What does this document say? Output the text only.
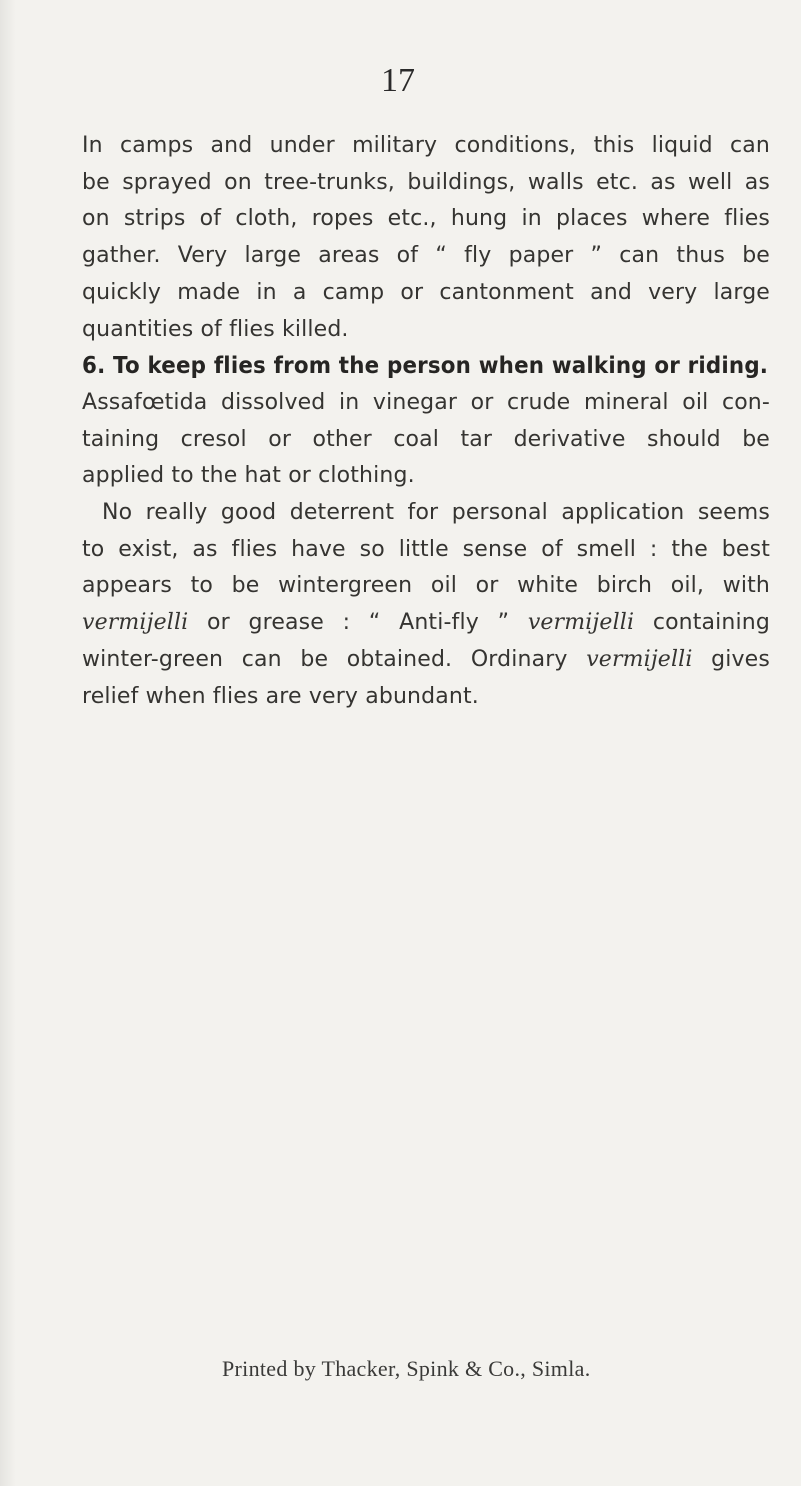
17
In camps and under military conditions, this liquid can
be sprayed on tree-trunks, buildings, walls etc. as well as
on strips of cloth, ropes etc., hung in places where flies
gather. Very large areas of “ fly paper ” can thus be
quickly made in a camp or cantonment and very large
quantities of flies killed.
6. To keep flies from the person when walking or riding.
Assafœtida dissolved in vinegar or crude mineral oil con-
taining cresol or other coal tar derivative should be
applied to the hat or clothing.
No really good deterrent for personal application seems
to exist, as flies have so little sense of smell : the best
appears to be wintergreen oil or white birch oil, with
vermijelli or grease : “ Anti-fly ” vermijelli containing
winter-green can be obtained. Ordinary vermijelli gives
relief when flies are very abundant.
Printed by Thacker, Spink & Co., Simla.
